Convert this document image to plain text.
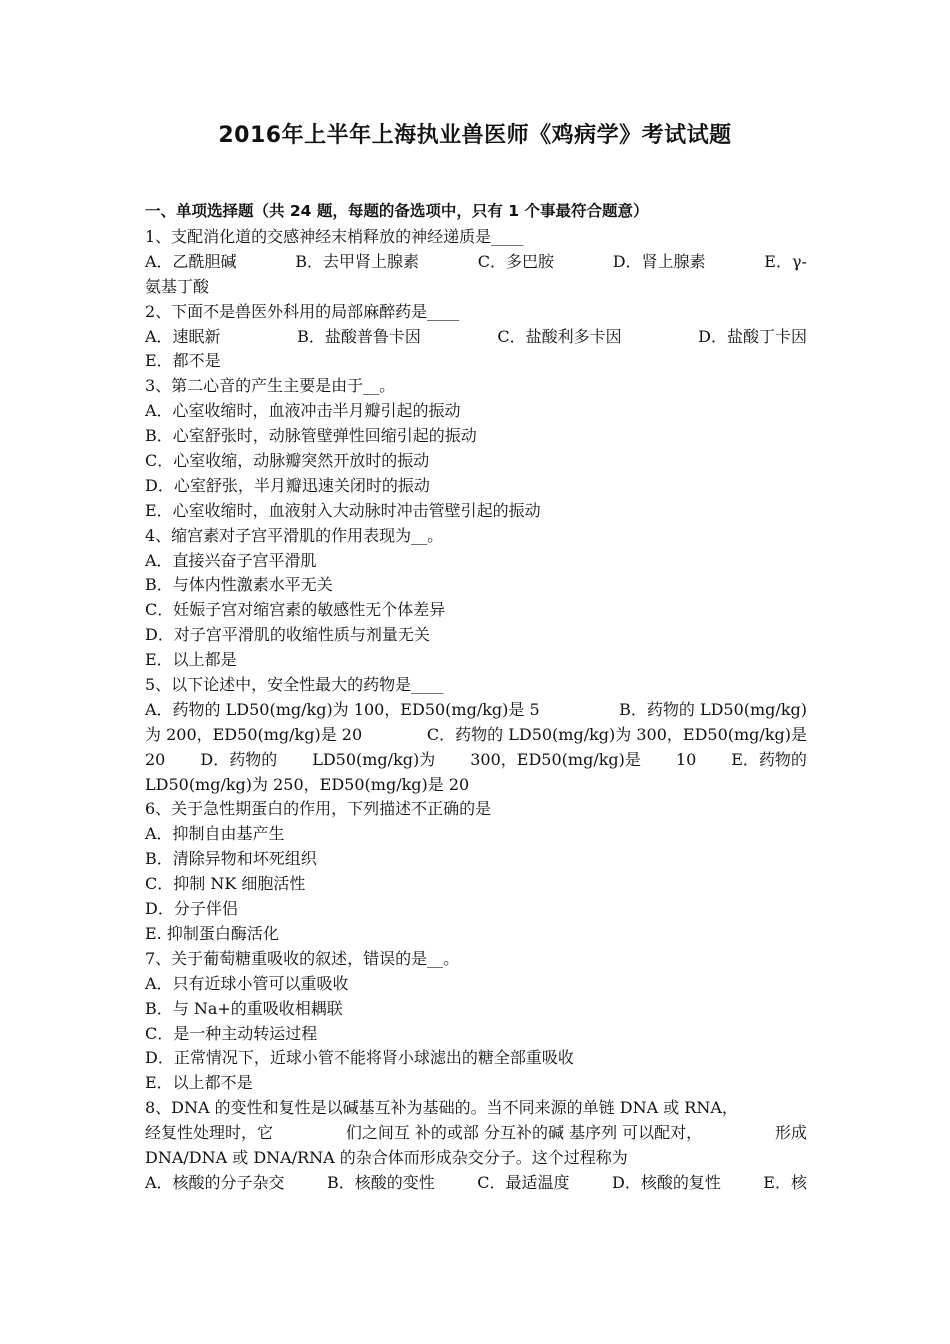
2016年上半年上海执业兽医师《鸡病学》考试试题
一、单项选择题（共 24 题，每题的备选项中，只有 1 个事最符合题意）
1、支配消化道的交感神经末梢释放的神经递质是____
A．乙酰胆碱	B．去甲肾上腺素	C．多巴胺	D．肾上腺素	E．γ-
氨基丁酸
2、下面不是兽医外科用的局部麻醉药是____
A．速眠新	B．盐酸普鲁卡因	C．盐酸利多卡因	D．盐酸丁卡因
E．都不是
3、第二心音的产生主要是由于__。
A．心室收缩时，血液冲击半月瓣引起的振动
B．心室舒张时，动脉管壁弹性回缩引起的振动
C．心室收缩，动脉瓣突然开放时的振动
D．心室舒张，半月瓣迅速关闭时的振动
E．心室收缩时，血液射入大动脉时冲击管壁引起的振动
4、缩宫素对子宫平滑肌的作用表现为__。
A．直接兴奋子宫平滑肌
B．与体内性激素水平无关
C．妊娠子宫对缩宫素的敏感性无个体差异
D．对子宫平滑肌的收缩性质与剂量无关
E．以上都是
5、以下论述中，安全性最大的药物是____
A．药物的 LD50(mg/kg)为 100，ED50(mg/kg)是 5	B．药物的 LD50(mg/kg)
为 200，ED50(mg/kg)是 20	C．药物的 LD50(mg/kg)为 300，ED50(mg/kg)是
20 D．药物的 LD50(mg/kg)为 300，ED50(mg/kg)是 10 E．药物的
LD50(mg/kg)为 250，ED50(mg/kg)是 20
6、关于急性期蛋白的作用，下列描述不正确的是
A．抑制自由基产生
B．清除异物和坏死组织
C．抑制 NK 细胞活性
D．分子伴侣
E. 抑制蛋白酶活化
7、关于葡萄糖重吸收的叙述，错误的是__。
A．只有近球小管可以重吸收
B．与 Na+的重吸收相耦联
C．是一种主动转运过程
D．正常情况下，近球小管不能将肾小球滤出的糖全部重吸收
E．以上都不是
8、DNA 的变性和复性是以碱基互补为基础的。当不同来源的单链 DNA 或 RNA，
经复性处理时，它	们之间互 补的或部 分互补的碱 基序列 可以配对，	形成
DNA/DNA 或 DNA/RNA 的杂合体而形成杂交分子。这个过程称为
A．核酸的分子杂交	B．核酸的变性	C．最适温度	D．核酸的复性	E．核
